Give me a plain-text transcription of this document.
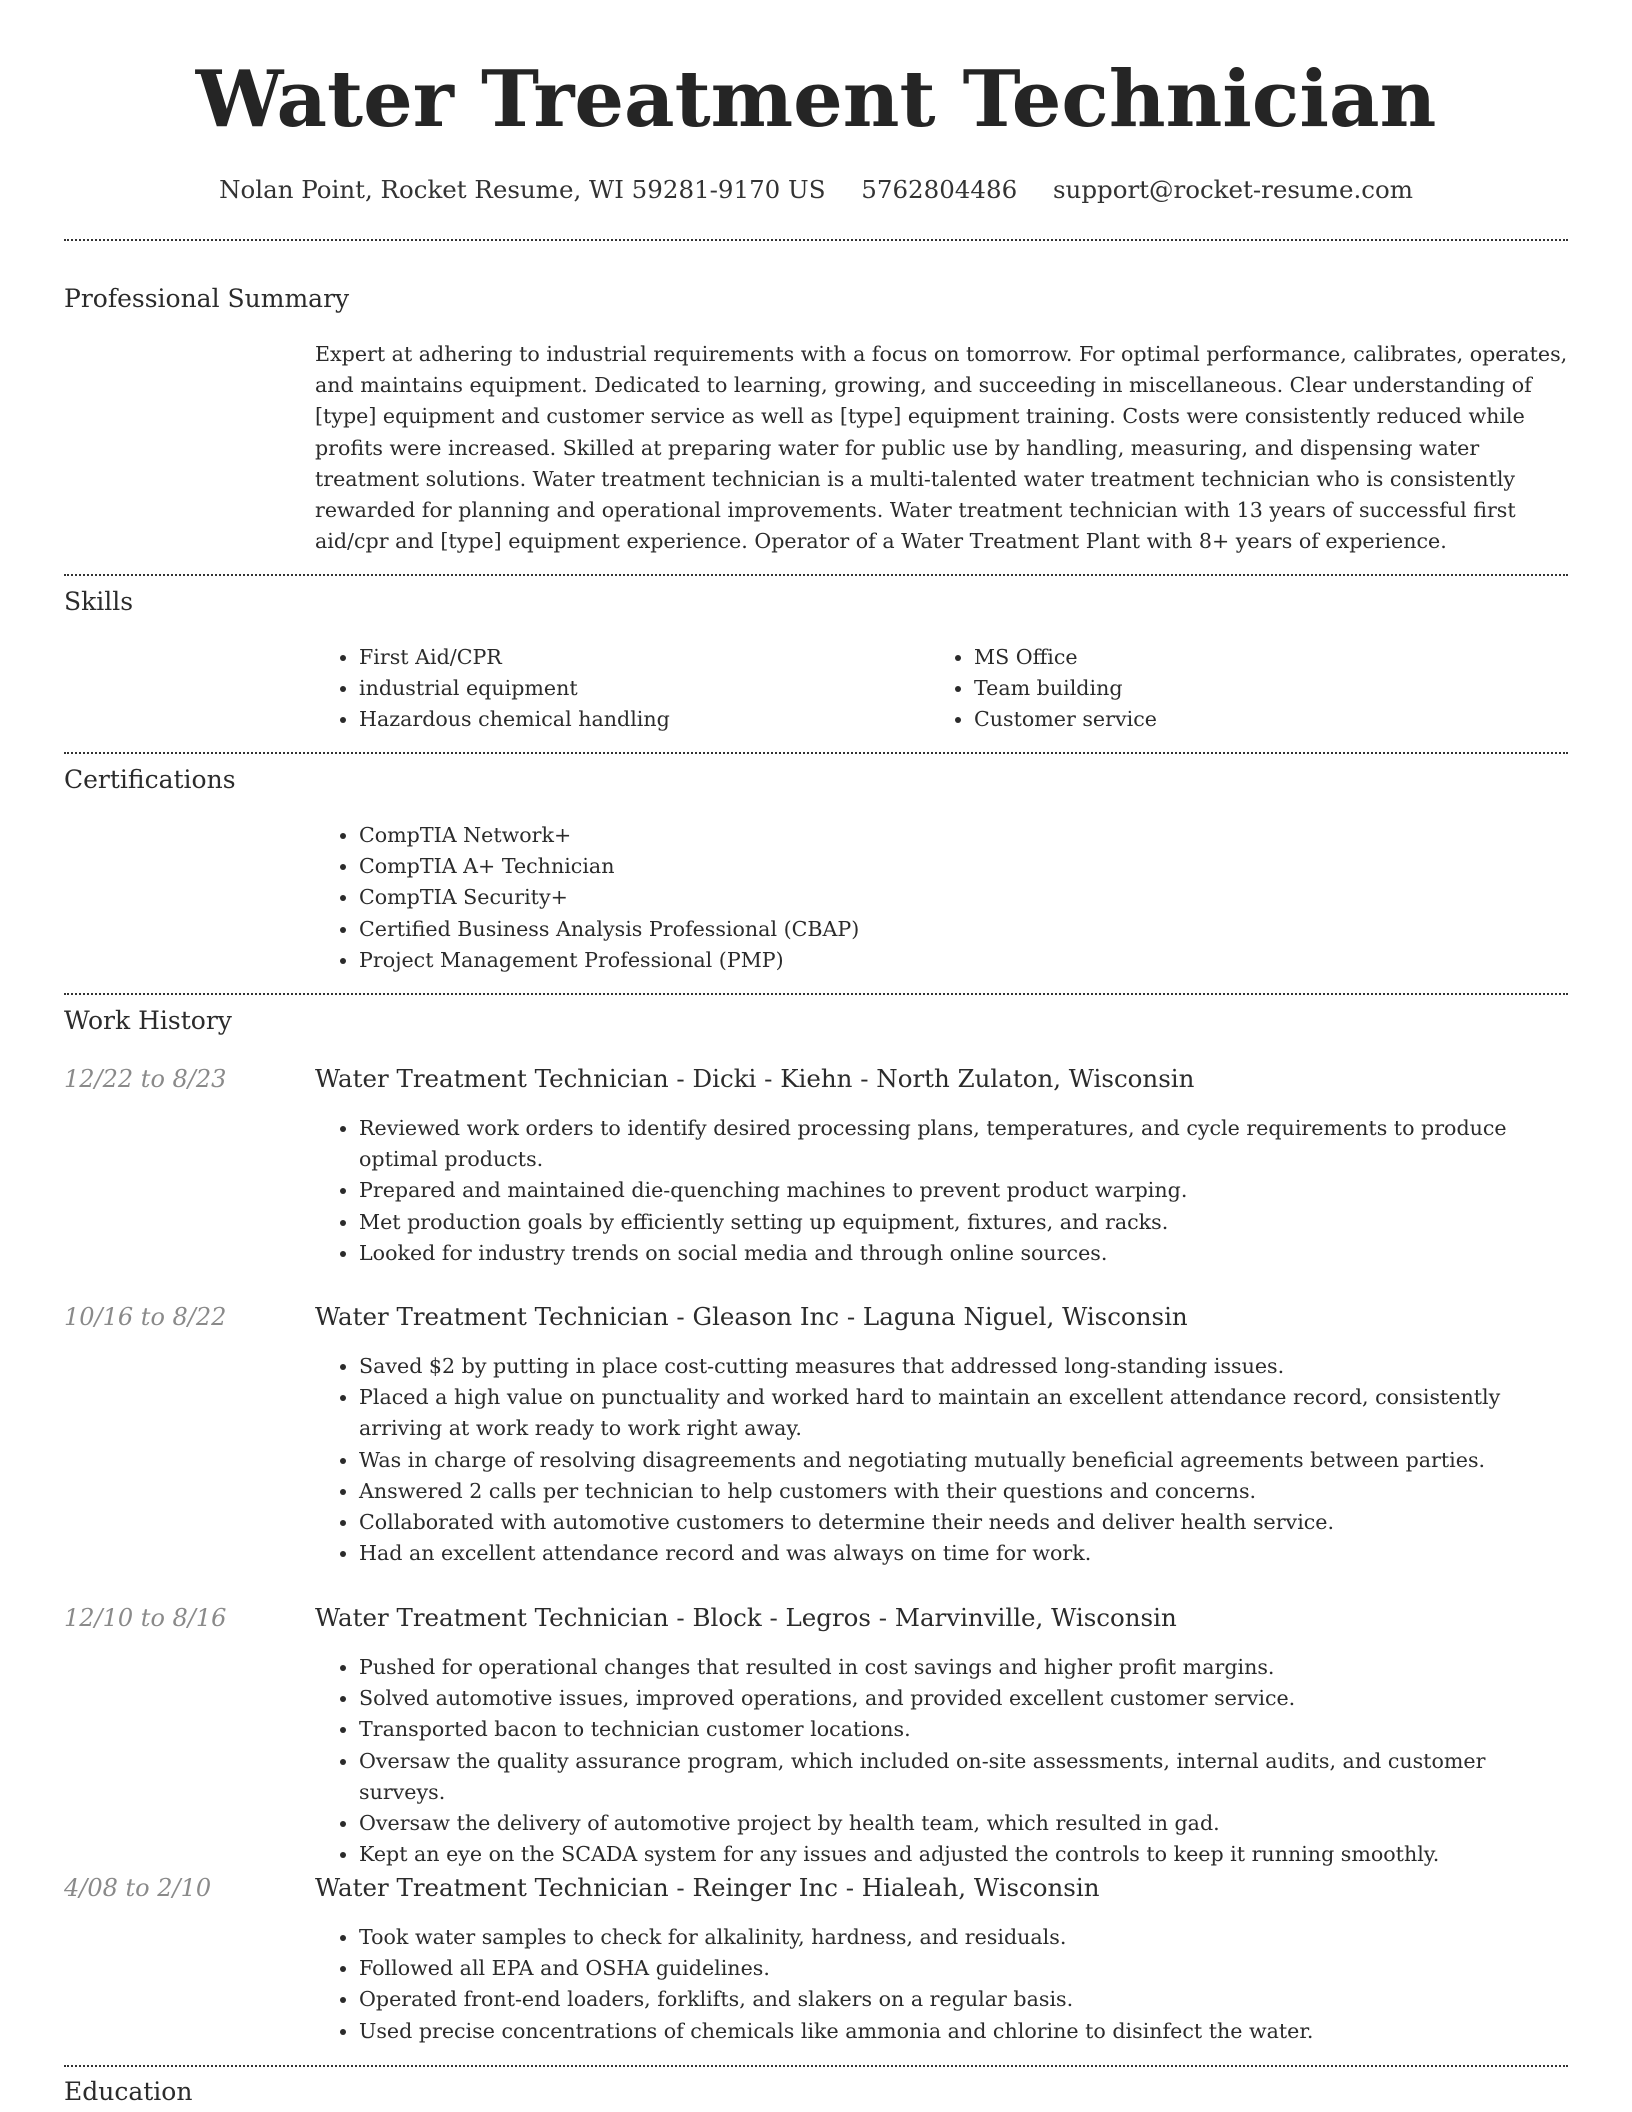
Water Treatment Technician
Nolan Point, Rocket Resume, WI 59281-9170 US 5762804486 support@rocket-resume.com
Professional Summary
Expert at adhering to industrial requirements with a focus on tomorrow. For optimal performance, calibrates, operates, and maintains equipment. Dedicated to learning, growing, and succeeding in miscellaneous. Clear understanding of [type] equipment and customer service as well as [type] equipment training. Costs were consistently reduced while profits were increased. Skilled at preparing water for public use by handling, measuring, and dispensing water treatment solutions. Water treatment technician is a multi-talented water treatment technician who is consistently rewarded for planning and operational improvements. Water treatment technician with 13 years of successful first aid/cpr and [type] equipment experience. Operator of a Water Treatment Plant with 8+ years of experience.
Skills
• First Aid/CPR
• industrial equipment
• Hazardous chemical handling
• MS Office
• Team building
• Customer service
Certifications
• CompTIA Network+
• CompTIA A+ Technician
• CompTIA Security+
• Certified Business Analysis Professional (CBAP)
• Project Management Professional (PMP)
Work History
12/22 to 8/23	Water Treatment Technician - Dicki - Kiehn - North Zulaton, Wisconsin
• Reviewed work orders to identify desired processing plans, temperatures, and cycle requirements to produce optimal products.
• Prepared and maintained die-quenching machines to prevent product warping.
• Met production goals by efficiently setting up equipment, fixtures, and racks.
• Looked for industry trends on social media and through online sources.
10/16 to 8/22	Water Treatment Technician - Gleason Inc - Laguna Niguel, Wisconsin
• Saved $2 by putting in place cost-cutting measures that addressed long-standing issues.
• Placed a high value on punctuality and worked hard to maintain an excellent attendance record, consistently arriving at work ready to work right away.
• Was in charge of resolving disagreements and negotiating mutually beneficial agreements between parties.
• Answered 2 calls per technician to help customers with their questions and concerns.
• Collaborated with automotive customers to determine their needs and deliver health service.
• Had an excellent attendance record and was always on time for work.
12/10 to 8/16	Water Treatment Technician - Block - Legros - Marvinville, Wisconsin
• Pushed for operational changes that resulted in cost savings and higher profit margins.
• Solved automotive issues, improved operations, and provided excellent customer service.
• Transported bacon to technician customer locations.
• Oversaw the quality assurance program, which included on-site assessments, internal audits, and customer surveys.
• Oversaw the delivery of automotive project by health team, which resulted in gad.
• Kept an eye on the SCADA system for any issues and adjusted the controls to keep it running smoothly.
4/08 to 2/10	Water Treatment Technician - Reinger Inc - Hialeah, Wisconsin
• Took water samples to check for alkalinity, hardness, and residuals.
• Followed all EPA and OSHA guidelines.
• Operated front-end loaders, forklifts, and slakers on a regular basis.
• Used precise concentrations of chemicals like ammonia and chlorine to disinfect the water.
Education
